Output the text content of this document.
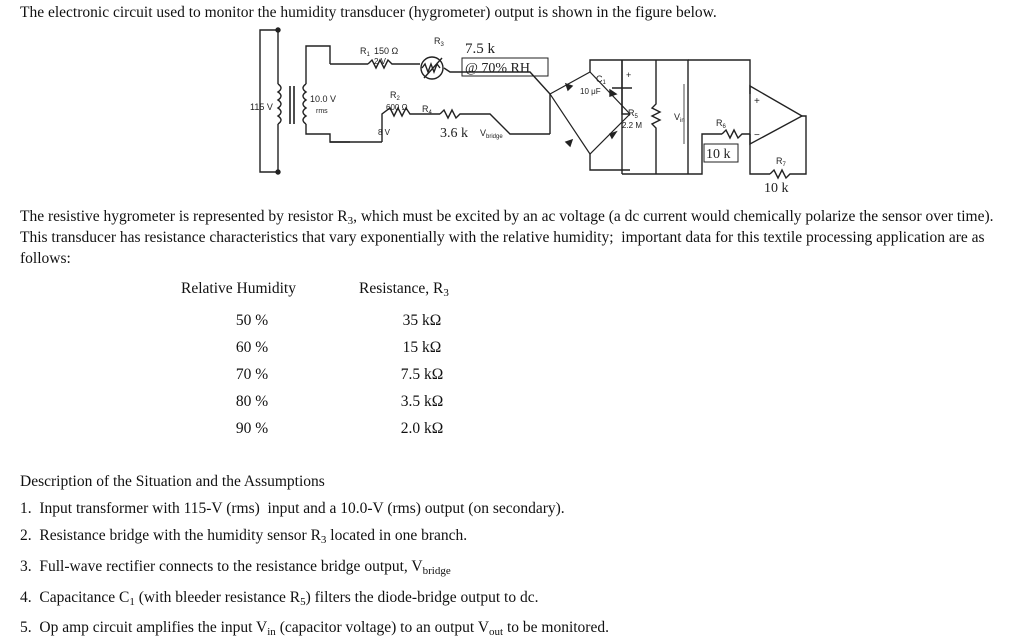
The electronic circuit used to monitor the humidity transducer (hygrometer) output is shown in the figure below.
115 V
10.0 V
rms
$R_1$ 150 Ω
2 V
$R_3$ 7.5 k
@ 70% RH
$R_2$
600 Ω
8 V
$R_4$
3.6 k $V_{bridge}$
$C_1$
10 μF
+
$R_5$
2.2 M
$V_{in}$	$R_6$
10 k
+
−
$R_7$
10 k
The resistive hygrometer is represented by resistor $R_3$, which must be excited by an ac voltage (a dc current would chemically polarize the sensor over time).  This transducer has resistance characteristics that vary exponentially with the relative humidity;  important data for this textile processing application are as follows:
Relative Humidity	Resistance, $R_3$
50 %	35 kΩ
60 %	15 kΩ
70 %	7.5 kΩ
80 %	3.5 kΩ
90 %	2.0 kΩ
Description of the Situation and the Assumptions
1.  Input transformer with 115-V (rms)  input and a 10.0-V (rms) output (on secondary).
2.  Resistance bridge with the humidity sensor $R_3$ located in one branch.
3.  Full-wave rectifier connects to the resistance bridge output, $V_{bridge}$
4.  Capacitance $C_1$ (with bleeder resistance $R_5$) filters the diode-bridge output to dc.
5.  Op amp circuit amplifies the input $V_{in}$ (capacitor voltage) to an output $V_{out}$ to be monitored.
